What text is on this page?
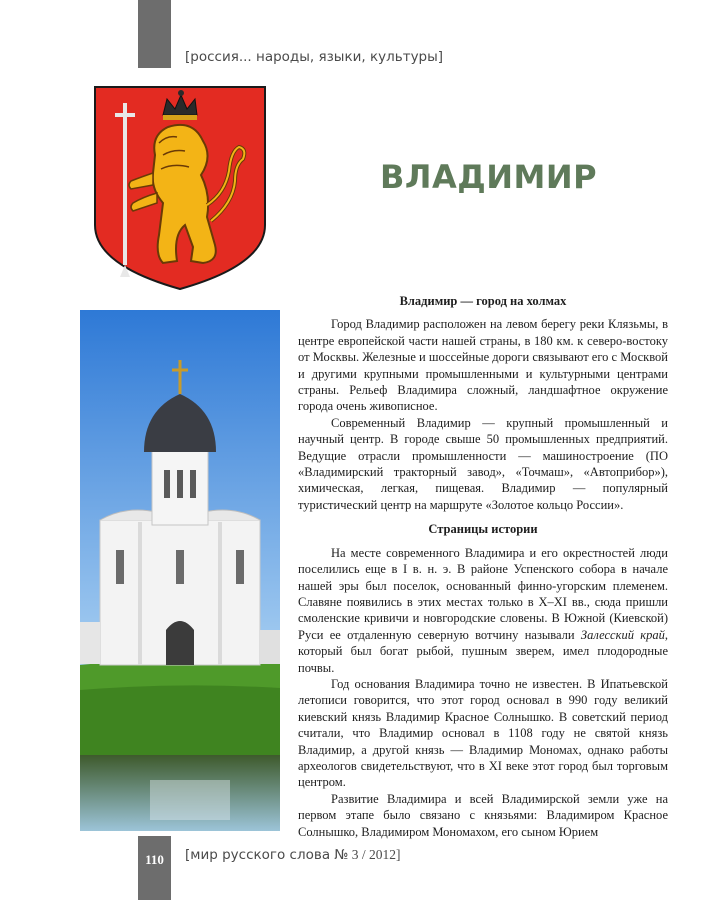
[россия... народы, языки, культуры]
ВЛАДИМИР
Владимир — город на холмах

Город Владимир расположен на левом берегу реки Клязьмы, в центре европейской части нашей страны, в 180 км. к северо-востоку от Москвы. Железные и шоссейные дороги связывают его с Москвой и другими крупными промышленными и культурными центрами страны. Рельеф Владимира сложный, ландшафтное окружение города очень живописное.

Современный Владимир — крупный промышленный и научный центр. В городе свыше 50 промышленных предприятий. Ведущие отрасли промышленности — машиностроение (ПО «Владимирский тракторный завод», «Точмаш», «Автоприбор»), химическая, легкая, пищевая. Владимир — популярный туристический центр на маршруте «Золотое кольцо России».

Страницы истории

На месте современного Владимира и его окрестностей люди поселились еще в I в. н. э. В районе Успенского собора в начале нашей эры был поселок, основанный финно-угорским племенем. Славяне появились в этих местах только в X–XI вв., сюда пришли смоленские кривичи и новгородские словены. В Южной (Киевской) Руси ее отдаленную северную вотчину называли Залесский край, который был богат рыбой, пушным зверем, имел плодородные почвы.

Год основания Владимира точно не известен. В Ипатьевской летописи говорится, что этот город основал в 990 году великий киевский князь Владимир Красное Солнышко. В советский период считали, что Владимир основал в 1108 году не святой князь Владимир, а другой князь — Владимир Мономах, однако работы археологов свидетельствуют, что в XI веке этот город был торговым центром.

Развитие Владимира и всей Владимирской земли уже на первом этапе было связано с князьями: Владимиром Красное Солнышко, Владимиром Мономахом, его сыном Юрием

110	[мир русского слова № 3 / 2012]
